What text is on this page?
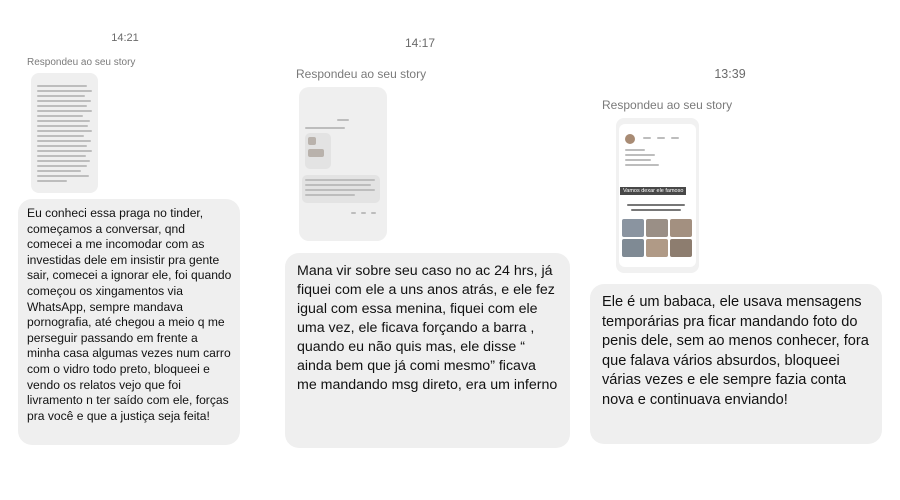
14:21
Respondeu ao seu story
Eu conheci essa praga no tinder, começamos a conversar, qnd comecei a me incomodar com as investidas dele em insistir pra gente sair, comecei a ignorar ele, foi quando começou os xingamentos via WhatsApp, sempre mandava pornografia, até chegou a meio q me perseguir passando em frente a minha casa algumas vezes num carro com o vidro todo preto, bloqueei e vendo os relatos vejo que foi livramento n ter saído com ele, forças pra você e que a justiça seja feita!
14:17
Respondeu ao seu story
Mana vir sobre seu caso no ac 24 hrs, já fiquei com ele a uns anos atrás, e ele fez igual com essa menina, fiquei com ele uma vez, ele ficava forçando a barra , quando eu não quis mas, ele disse “ ainda bem que já comi mesmo” ficava me mandando msg direto, era um inferno
13:39
Respondeu ao seu story
Vamos dexar ele famoso
Ele é um babaca, ele usava mensagens temporárias pra ficar mandando foto do penis dele, sem ao menos conhecer, fora que falava vários absurdos, bloqueei várias vezes e ele sempre fazia conta nova e continuava enviando!
